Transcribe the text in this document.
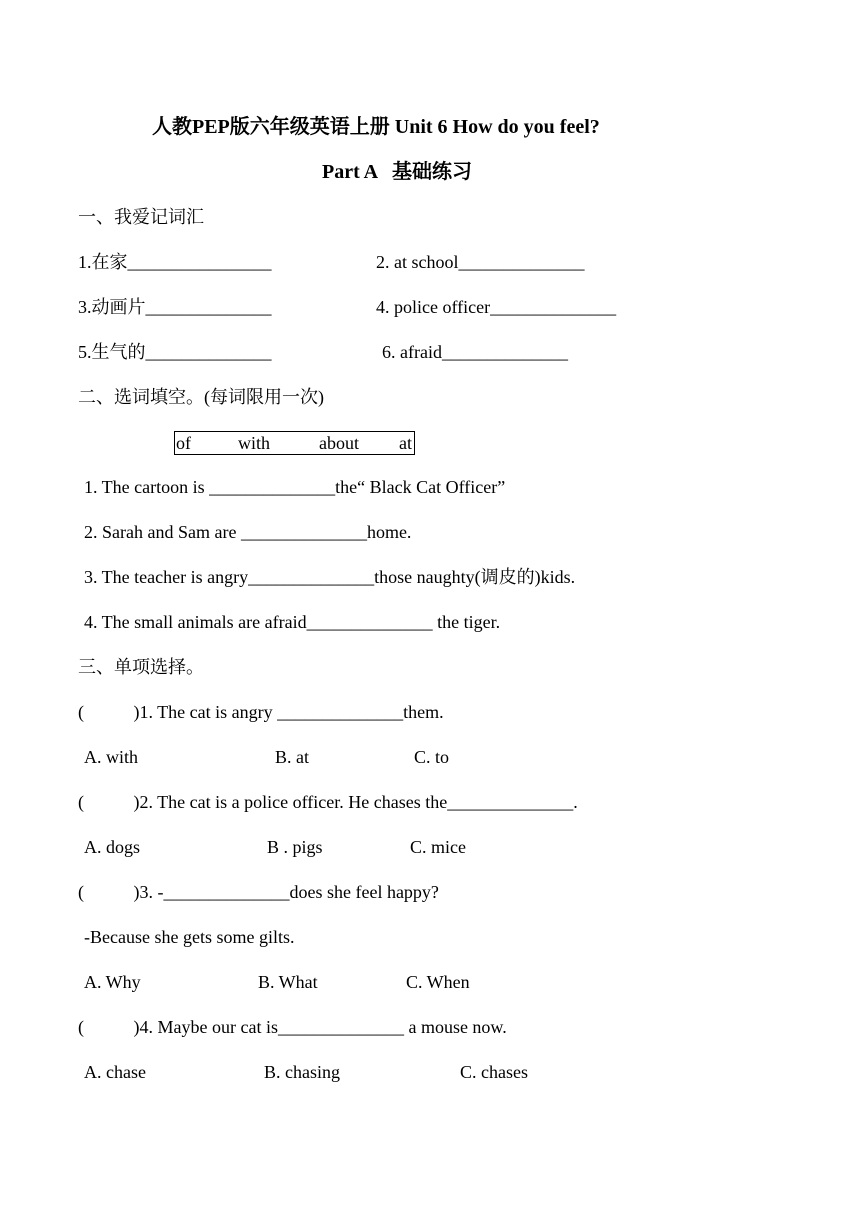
人教PEP版六年级英语上册 Unit 6 How do you feel?
Part A   基础练习
一、我爱记词汇
1.在家________________	2. at school______________
3.动画片______________	4. police officer______________
5.生气的______________	6. afraid______________
二、选词填空。(每词限用一次)
of	with	about at
1. The cartoon is ______________the“ Black Cat Officer”
2. Sarah and Sam are ______________home.
3. The teacher is angry______________those naughty(调皮的)kids.
4. The small animals are afraid______________ the tiger.
三、单项选择。
(           )1. The cat is angry ______________them.
A. with	B. at	C. to
(           )2. The cat is a police officer. He chases the______________.
A. dogs	B . pigs	C. mice
(           )3. -______________does she feel happy?
-Because she gets some gilts.
A. Why	B. What	C. When
(           )4. Maybe our cat is______________ a mouse now.
A. chase	B. chasing	C. chases
